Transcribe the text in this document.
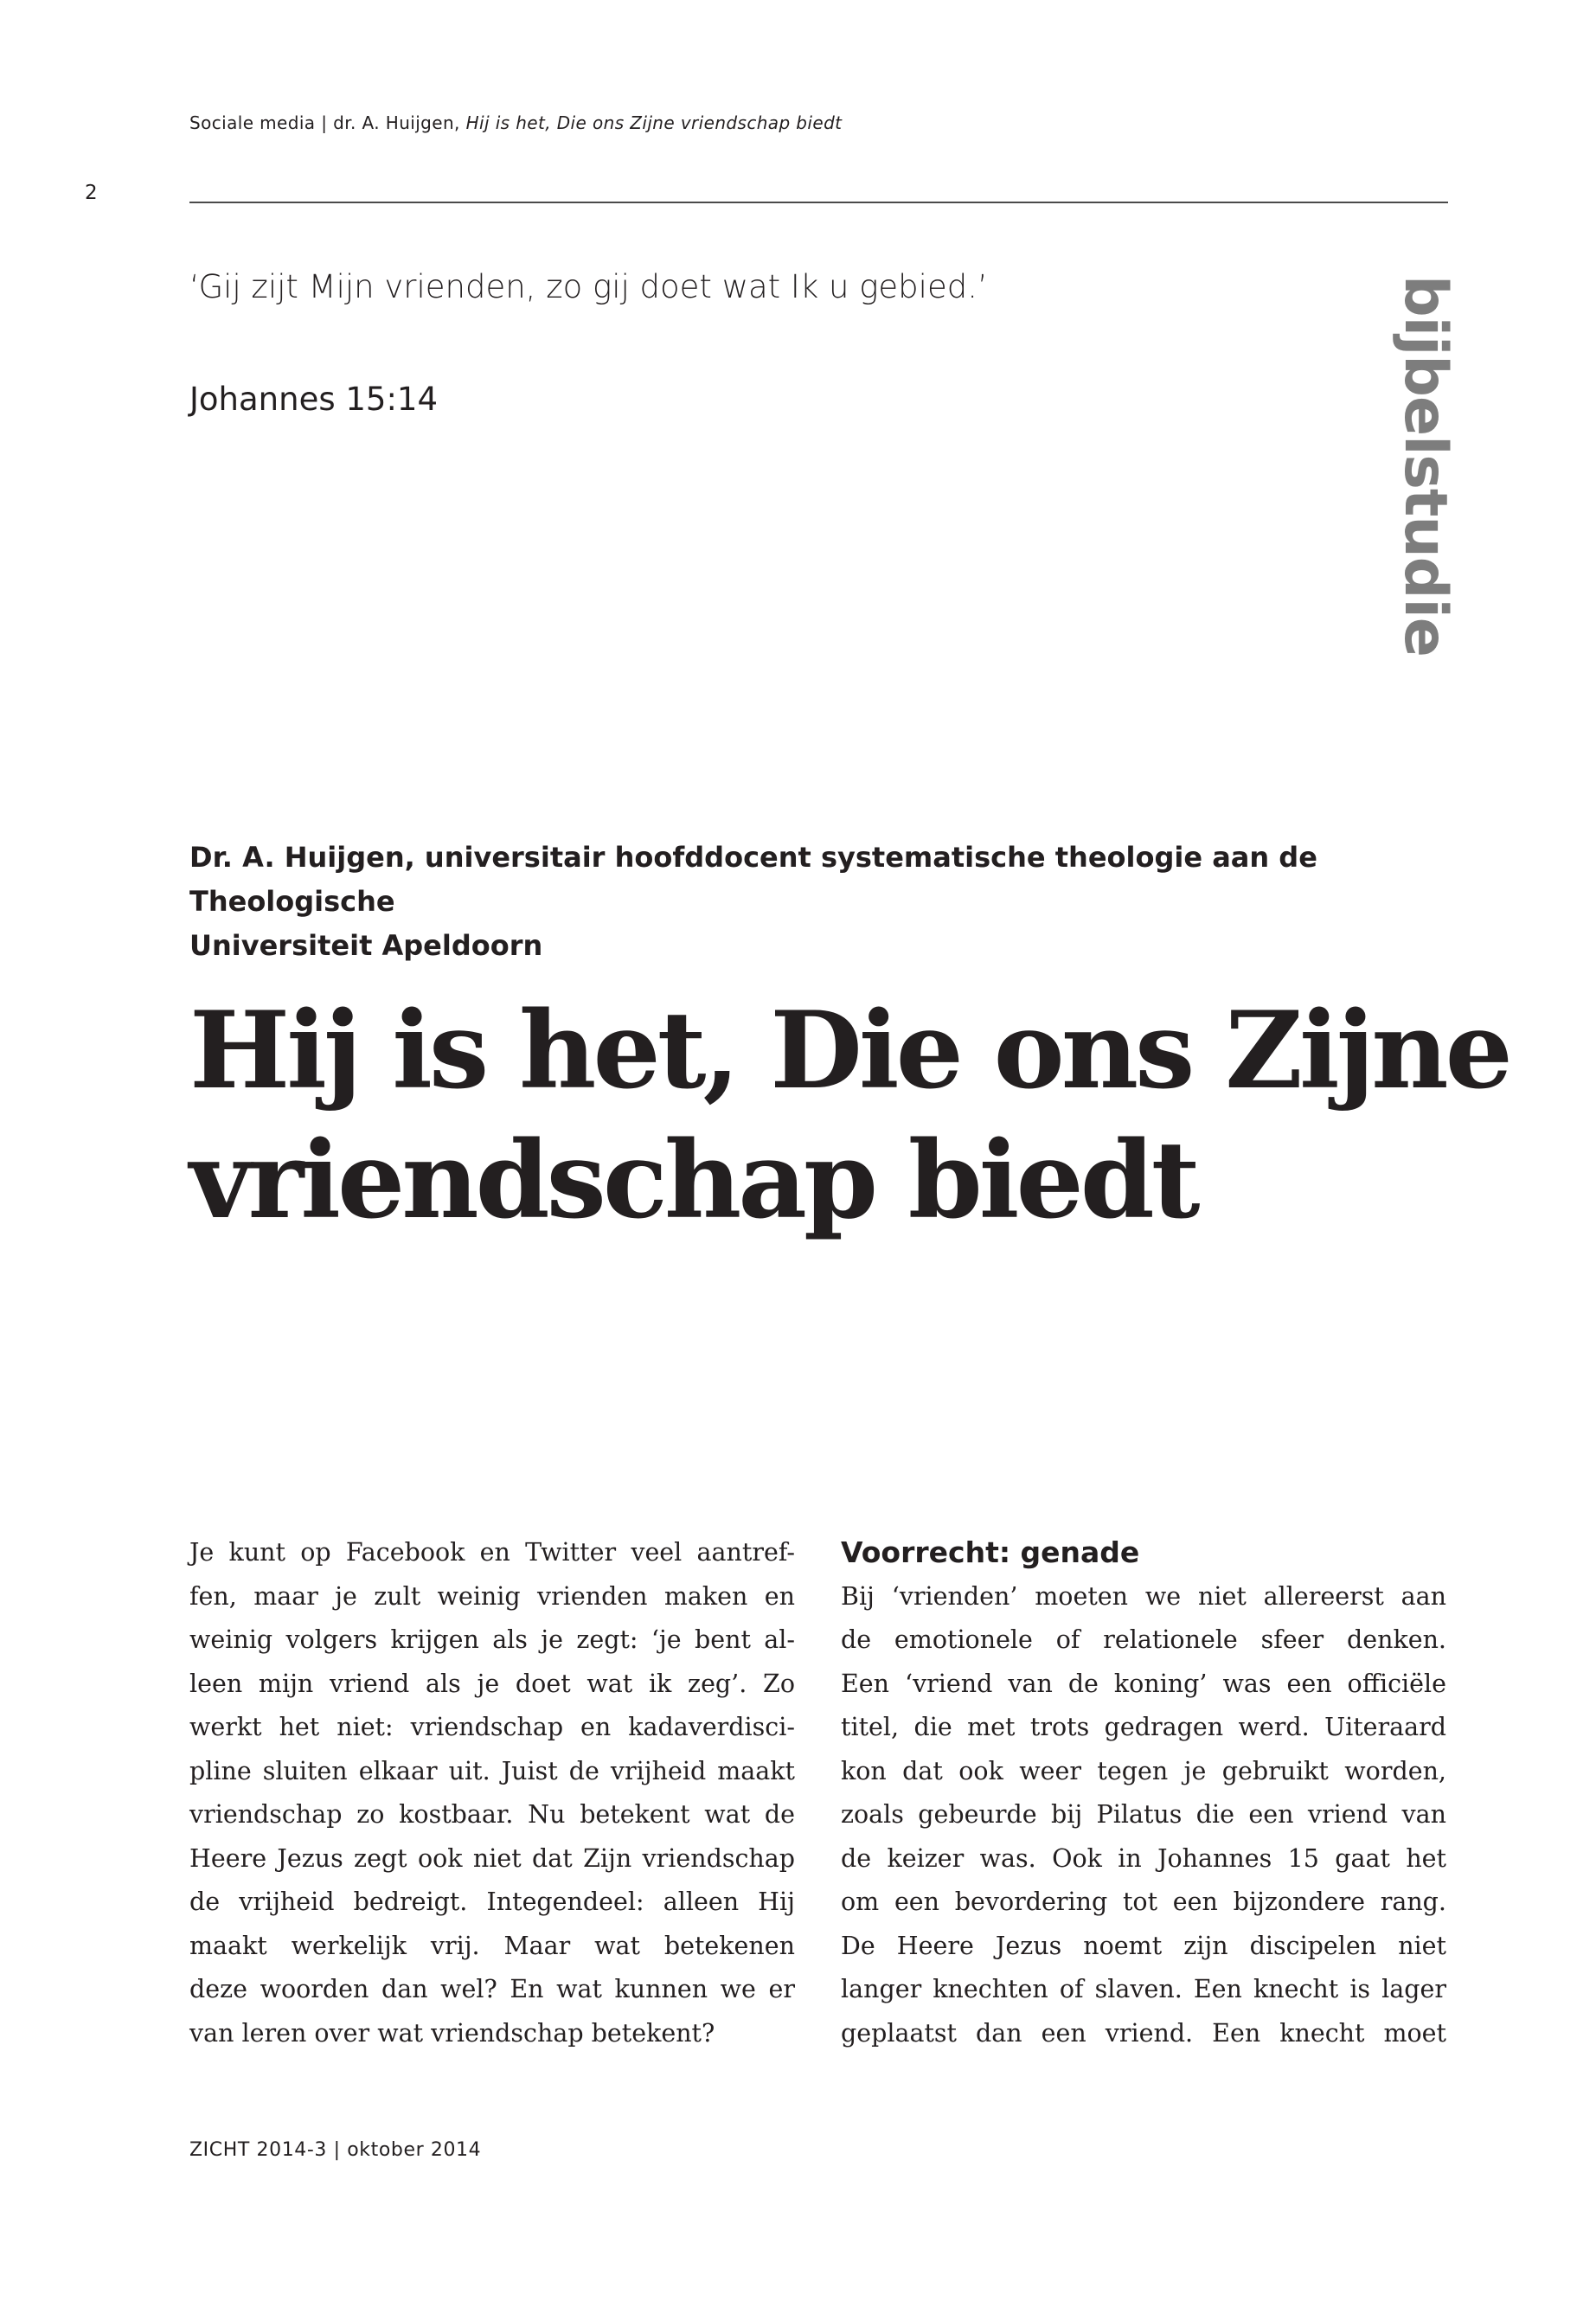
Sociale media | dr. A. Huijgen, Hij is het, Die ons Zijne vriendschap biedt
2
‘Gij zijt Mijn vrienden, zo gij doet wat Ik u gebied.’
Johannes 15:14	bijbelstudie
Dr. A. Huijgen, universitair hoofddocent systematische theologie aan de Theologische
Universiteit Apeldoorn
Hij is het, Die ons Zijne
vriendschap biedt
Je kunt op Facebook en Twitter veel aantref-
fen, maar je zult weinig vrienden maken en
weinig volgers krijgen als je zegt: ‘je bent al-
leen mijn vriend als je doet wat ik zeg’. Zo
werkt het niet: vriendschap en kadaverdisci-
pline sluiten elkaar uit. Juist de vrijheid maakt
vriendschap zo kostbaar. Nu betekent wat de
Heere Jezus zegt ook niet dat Zijn vriendschap
de vrijheid bedreigt. Integendeel: alleen Hij
maakt werkelijk vrij. Maar wat betekenen
deze woorden dan wel? En wat kunnen we er
van leren over wat vriendschap betekent?
Voorrecht: genade
Bij ‘vrienden’ moeten we niet allereerst aan
de emotionele of relationele sfeer denken.
Een ‘vriend van de koning’ was een officiële
titel, die met trots gedragen werd. Uiteraard
kon dat ook weer tegen je gebruikt worden,
zoals gebeurde bij Pilatus die een vriend van
de keizer was. Ook in Johannes 15 gaat het
om een bevordering tot een bijzondere rang.
De Heere Jezus noemt zijn discipelen niet
langer knechten of slaven. Een knecht is lager
geplaatst dan een vriend. Een knecht moet
ZICHT 2014-3 | oktober 2014
